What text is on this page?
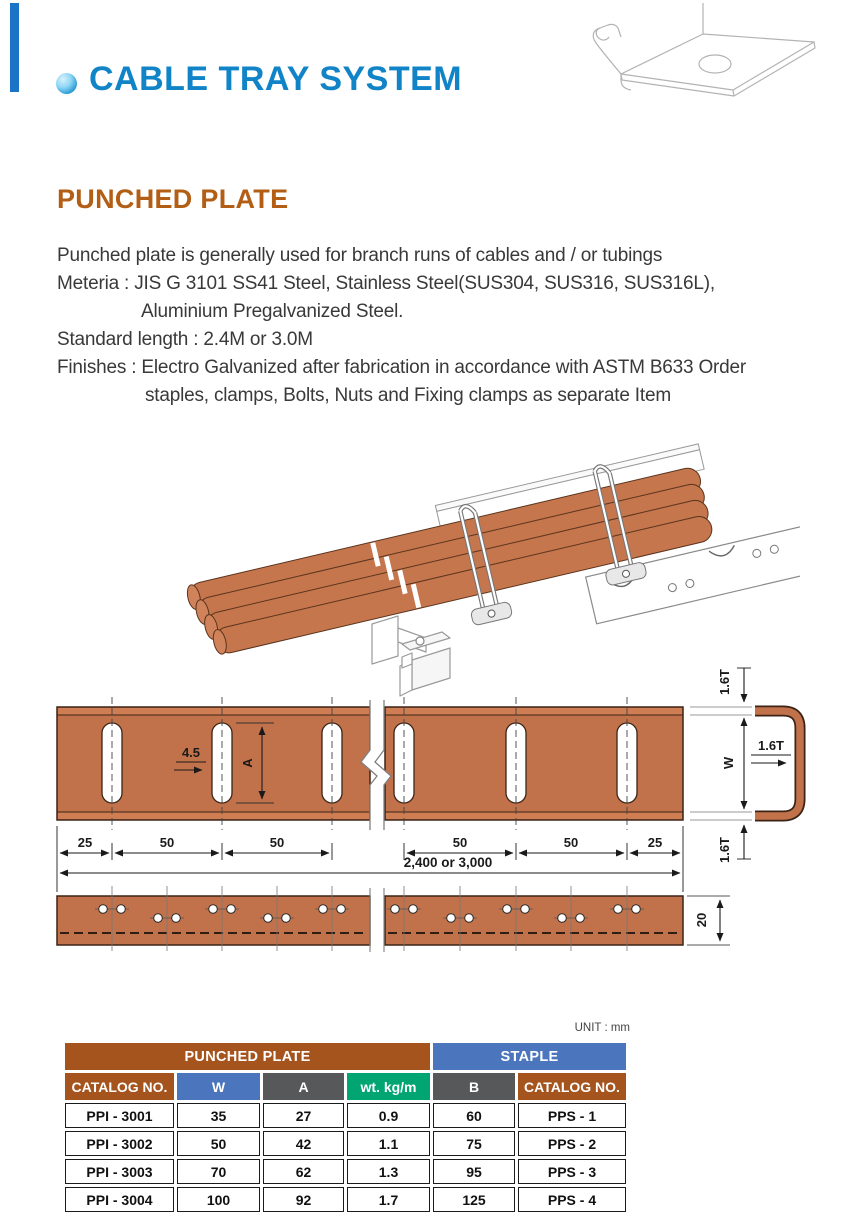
CABLE TRAY SYSTEM
PUNCHED PLATE
Punched plate is generally used for branch runs of cables and / or tubings
Meteria : JIS G 3101 SS41 Steel, Stainless Steel(SUS304, SUS316, SUS316L),
Aluminium Pregalvanized Steel.
Standard length : 2.4M or 3.0M
Finishes : Electro Galvanized after fabrication in accordance with ASTM B633 Order
staples, clamps, Bolts, Nuts and Fixing clamps as separate Item
4.5
A
25	50	50	50	50	25
2,400 or 3,000
20
W
1.6T
1.6T
1.6T
UNIT : mm
PUNCHED PLATE				STAPLE	
CATALOG NO.	W	A	wt. kg/m	B	CATALOG NO.
PPI - 3001	35	27	0.9	60	PPS - 1
PPI - 3002	50	42	1.1	75	PPS - 2
PPI - 3003	70	62	1.3	95	PPS - 3
PPI - 3004	100	92	1.7	125	PPS - 4
